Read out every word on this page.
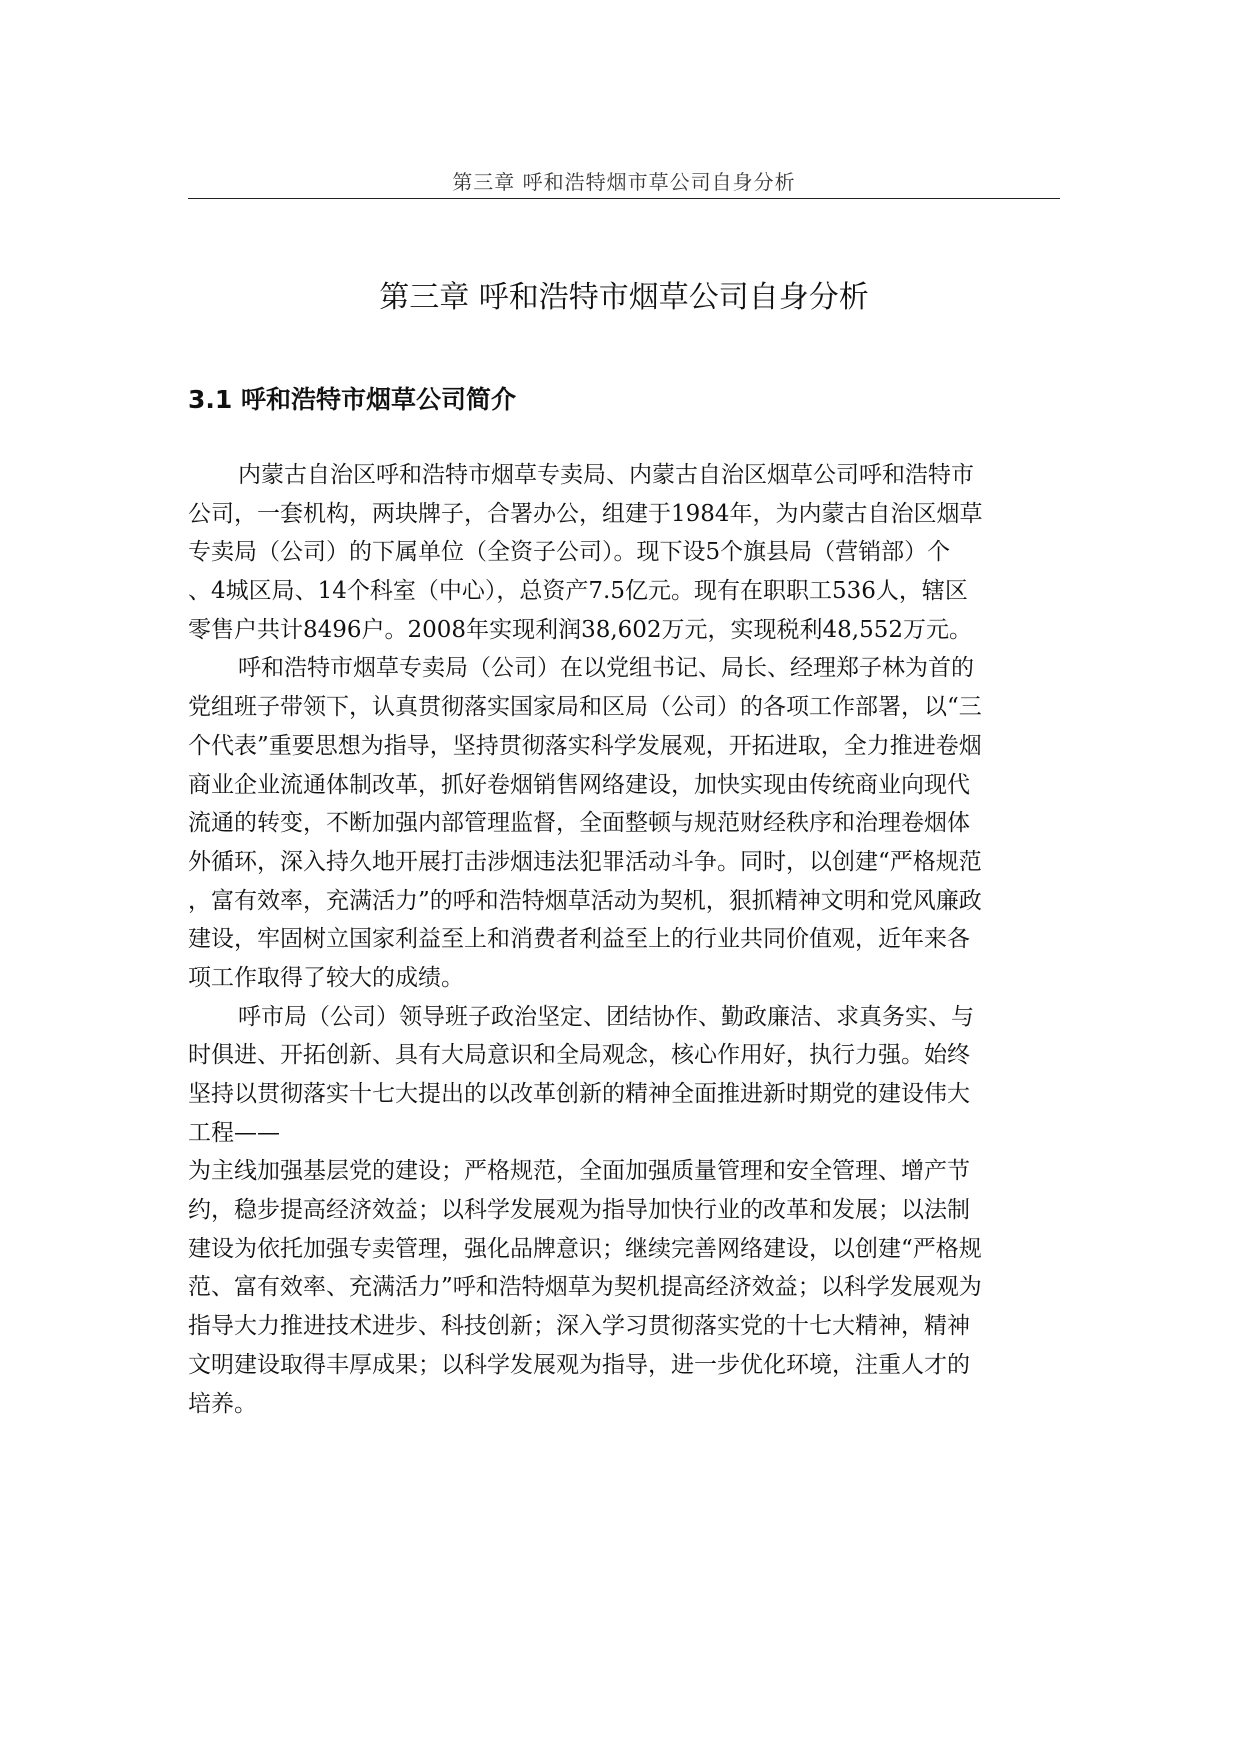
第三章 呼和浩特烟市草公司自身分析
第三章 呼和浩特市烟草公司自身分析
3.1 呼和浩特市烟草公司简介
内蒙古自治区呼和浩特市烟草专卖局、内蒙古自治区烟草公司呼和浩特市
公司，一套机构，两块牌子，合署办公，组建于1984年，为内蒙古自治区烟草
专卖局（公司）的下属单位（全资子公司）。现下设5个旗县局（营销部）个
、4城区局、14个科室（中心），总资产7.5亿元。现有在职职工536人，辖区
零售户共计8496户。2008年实现利润38,602万元，实现税利48,552万元。
呼和浩特市烟草专卖局（公司）在以党组书记、局长、经理郑子林为首的
党组班子带领下，认真贯彻落实国家局和区局（公司）的各项工作部署，以“三
个代表”重要思想为指导，坚持贯彻落实科学发展观，开拓进取，全力推进卷烟
商业企业流通体制改革，抓好卷烟销售网络建设，加快实现由传统商业向现代
流通的转变，不断加强内部管理监督，全面整顿与规范财经秩序和治理卷烟体
外循环，深入持久地开展打击涉烟违法犯罪活动斗争。同时，以创建“严格规范
，富有效率，充满活力”的呼和浩特烟草活动为契机，狠抓精神文明和党风廉政
建设，牢固树立国家利益至上和消费者利益至上的行业共同价值观，近年来各
项工作取得了较大的成绩。
呼市局（公司）领导班子政治坚定、团结协作、勤政廉洁、求真务实、与
时俱进、开拓创新、具有大局意识和全局观念，核心作用好，执行力强。始终
坚持以贯彻落实十七大提出的以改革创新的精神全面推进新时期党的建设伟大
工程——
为主线加强基层党的建设；严格规范，全面加强质量管理和安全管理、增产节
约，稳步提高经济效益；以科学发展观为指导加快行业的改革和发展；以法制
建设为依托加强专卖管理，强化品牌意识；继续完善网络建设，以创建“严格规
范、富有效率、充满活力”呼和浩特烟草为契机提高经济效益；以科学发展观为
指导大力推进技术进步、科技创新；深入学习贯彻落实党的十七大精神，精神
文明建设取得丰厚成果；以科学发展观为指导，进一步优化环境，注重人才的
培养。
